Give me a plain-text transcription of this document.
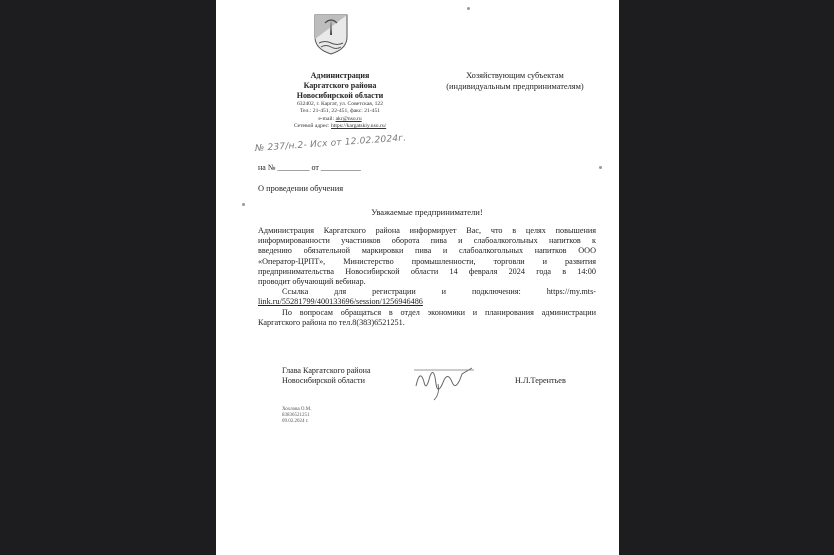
Администрация
Каргатского района
Новосибирской области
632402, г. Каргат, ул. Советская, 122
Тел.: 21-451, 22-451, факс: 21-451
e-mail: akr@nso.ru
Сетевой адрес: https://kargatskiy.nso.ru/
Хозяйствующим субъектам
(индивидуальным предпринимателям)
№ 237/н.2- Исх от 12.02.2024г.
на № ________ от __________
О проведении обучения
Уважаемые предприниматели!

Администрация Каргатского района информирует Вас, что в целях повышения

информированности участников оборота пива и слабоалкогольных напитков к

введению обязательной маркировки пива и слабоалкогольных напитков ООО

«Оператор-ЦРПТ», Министерство промышленности, торговли и развития

предпринимательства Новосибирской области 14 февраля 2024 года в 14:00

проводит обучающий вебинар.

Ссылка для регистрации и подключения: https://my.mts-

link.ru/55281799/400133696/session/1256946486

По вопросам обращаться в отдел экономики и планирования администрации

Каргатского района по тел.8(383)6521251.

Глава Каргатского района
Новосибирской области	Н.Л.Терентьев
Хохлова О.М.
83836521251
09.02.2024 г.
